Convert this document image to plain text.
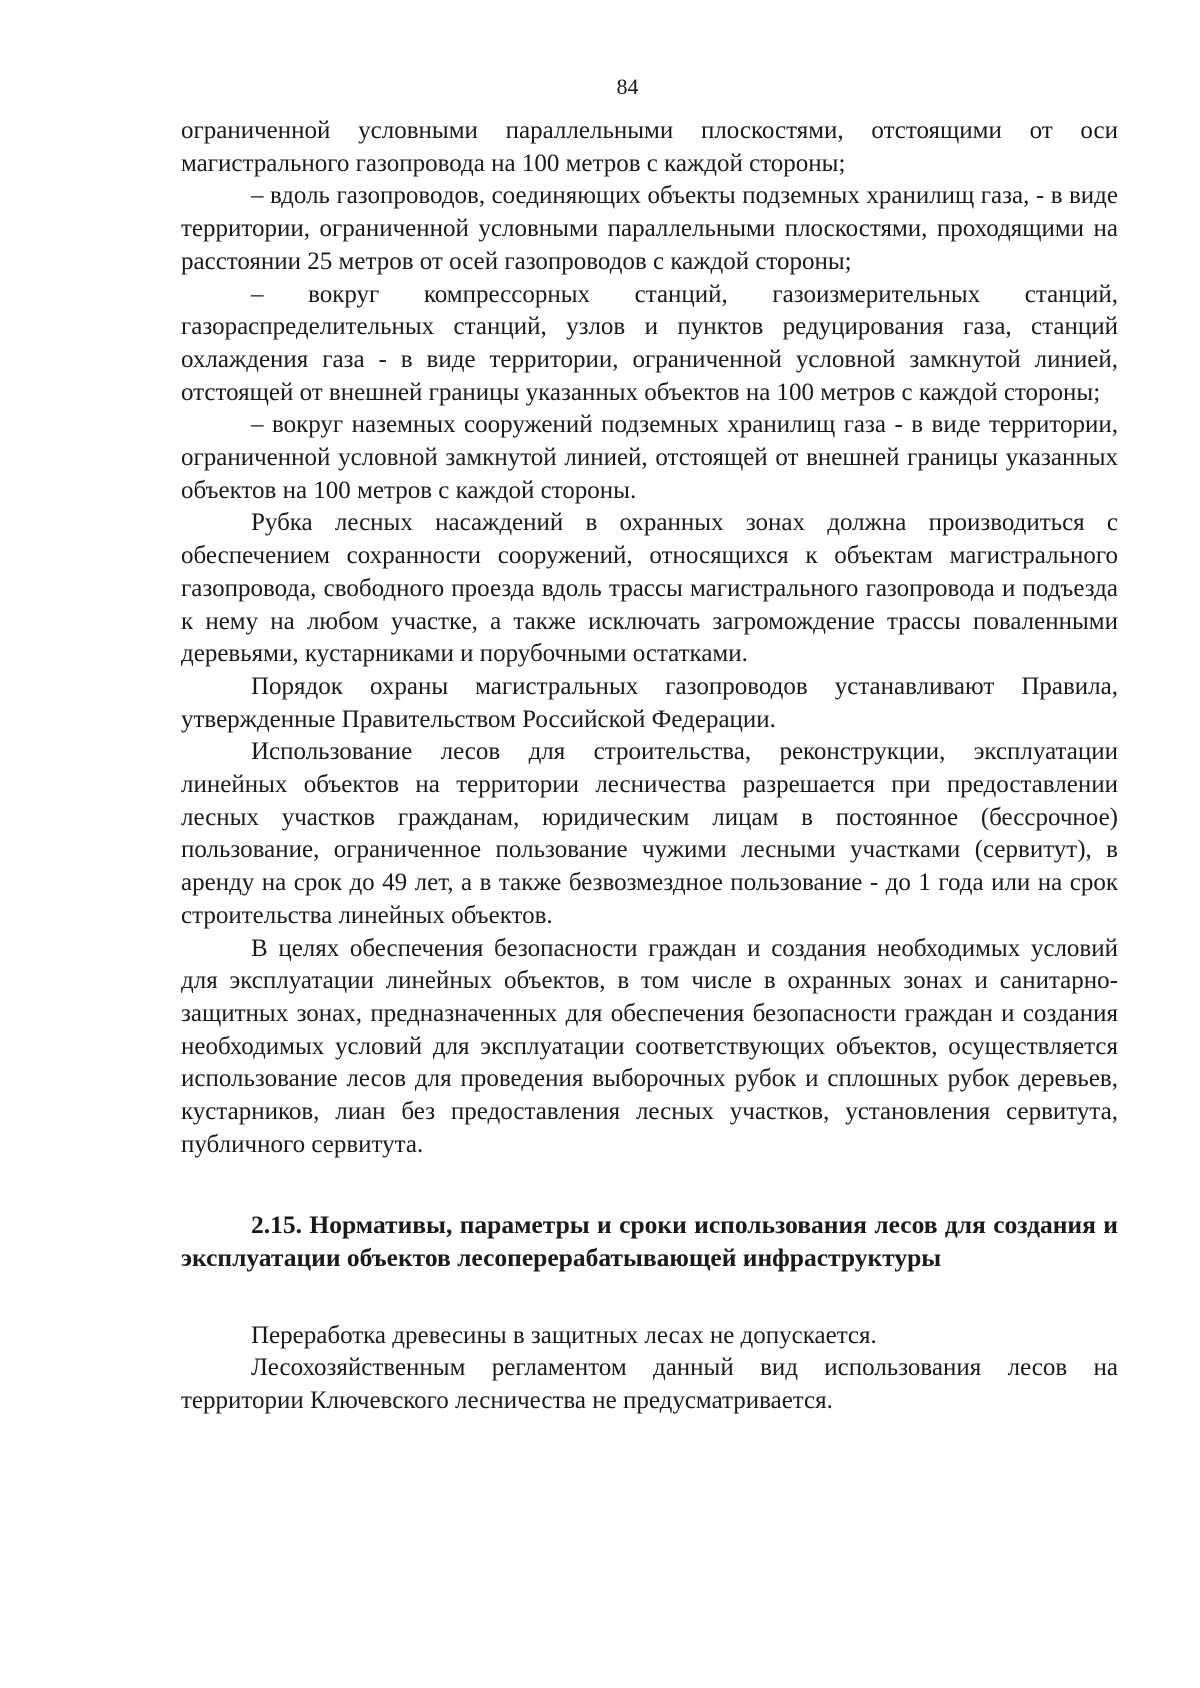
84

ограниченной условными параллельными плоскостями, отстоящими от оси магистрального газопровода на 100 метров с каждой стороны;

– вдоль газопроводов, соединяющих объекты подземных хранилищ газа, - в виде территории, ограниченной условными параллельными плоскостями, проходящими на расстоянии 25 метров от осей газопроводов с каждой стороны;

– вокруг компрессорных станций, газоизмерительных станций, газораспределительных станций, узлов и пунктов редуцирования газа, станций охлаждения газа - в виде территории, ограниченной условной замкнутой линией, отстоящей от внешней границы указанных объектов на 100 метров с каждой стороны;

– вокруг наземных сооружений подземных хранилищ газа - в виде территории, ограниченной условной замкнутой линией, отстоящей от внешней границы указанных объектов на 100 метров с каждой стороны.

Рубка лесных насаждений в охранных зонах должна производиться с обеспечением сохранности сооружений, относящихся к объектам магистрального газопровода, свободного проезда вдоль трассы магистрального газопровода и подъезда к нему на любом участке, а также исключать загромождение трассы поваленными деревьями, кустарниками и порубочными остатками.

Порядок охраны магистральных газопроводов устанавливают Правила, утвержденные Правительством Российской Федерации.

Использование лесов для строительства, реконструкции, эксплуатации линейных объектов на территории лесничества разрешается при предоставлении лесных участков гражданам, юридическим лицам в постоянное (бессрочное) пользование, ограниченное пользование чужими лесными участками (сервитут), в аренду на срок до 49 лет, а в также безвозмездное пользование - до 1 года или на срок строительства линейных объектов.

В целях обеспечения безопасности граждан и создания необходимых условий для эксплуатации линейных объектов, в том числе в охранных зонах и санитарно-защитных зонах, предназначенных для обеспечения безопасности граждан и создания необходимых условий для эксплуатации соответствующих объектов, осуществляется использование лесов для проведения выборочных рубок и сплошных рубок деревьев, кустарников, лиан без предоставления лесных участков, установления сервитута, публичного сервитута.

2.15. Нормативы, параметры и сроки использования лесов для создания и эксплуатации объектов лесоперерабатывающей инфраструктуры

Переработка древесины в защитных лесах не допускается.

Лесохозяйственным регламентом данный вид использования лесов на территории Ключевского лесничества не предусматривается.
